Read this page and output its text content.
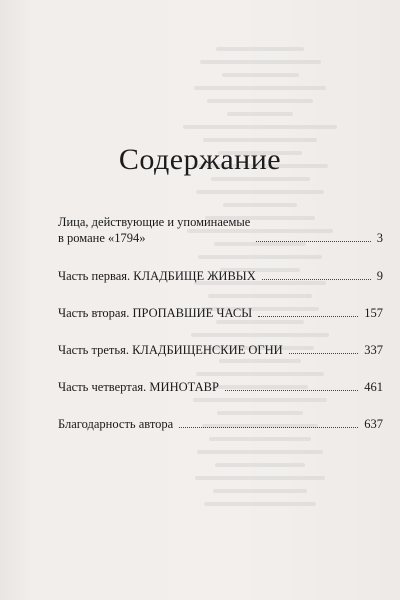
Содержание
Лица, действующие и упоминаемые
в романе «1794»	3
Часть первая. КЛАДБИЩЕ ЖИВЫХ	9
Часть вторая. ПРОПАВШИЕ ЧАСЫ	157
Часть третья. КЛАДБИЩЕНСКИЕ ОГНИ	337
Часть четвертая. МИНОТАВР	461
Благодарность автора	637
